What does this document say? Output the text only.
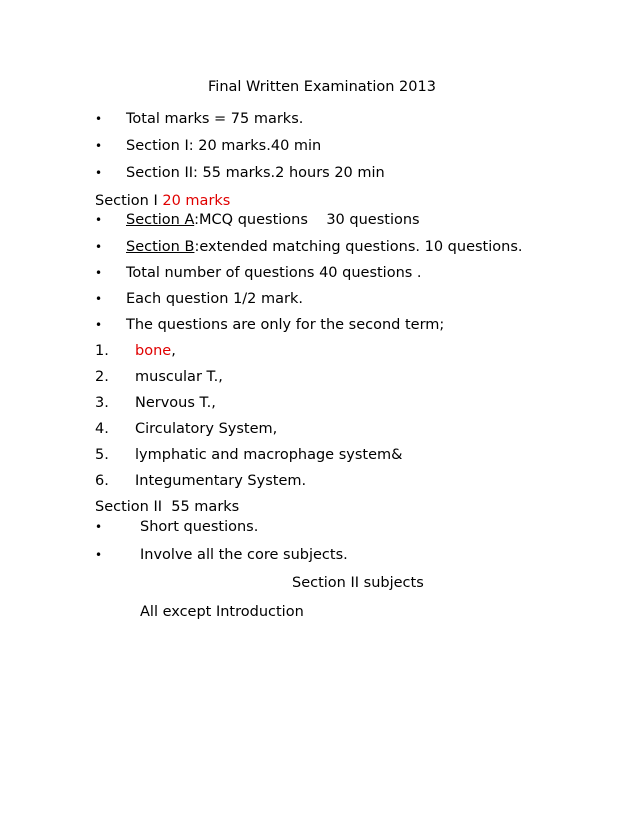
Final Written Examination 2013
• Total marks = 75 marks.
• Section I: 20 marks.40 min
• Section II: 55 marks.2 hours 20 min
Section I 20 marks
• Section A:MCQ questions    30 questions
• Section B:extended matching questions. 10 questions.
• Total number of questions 40 questions .
• Each question 1/2 mark.
• The questions are only for the second term;
1. bone,
2. muscular T.,
3. Nervous T.,
4. Circulatory System,
5. lymphatic and macrophage system&
6. Integumentary System.
Section II  55 marks
•	Short questions.
•	Involve all the core subjects.
Section II subjects
All except Introduction
